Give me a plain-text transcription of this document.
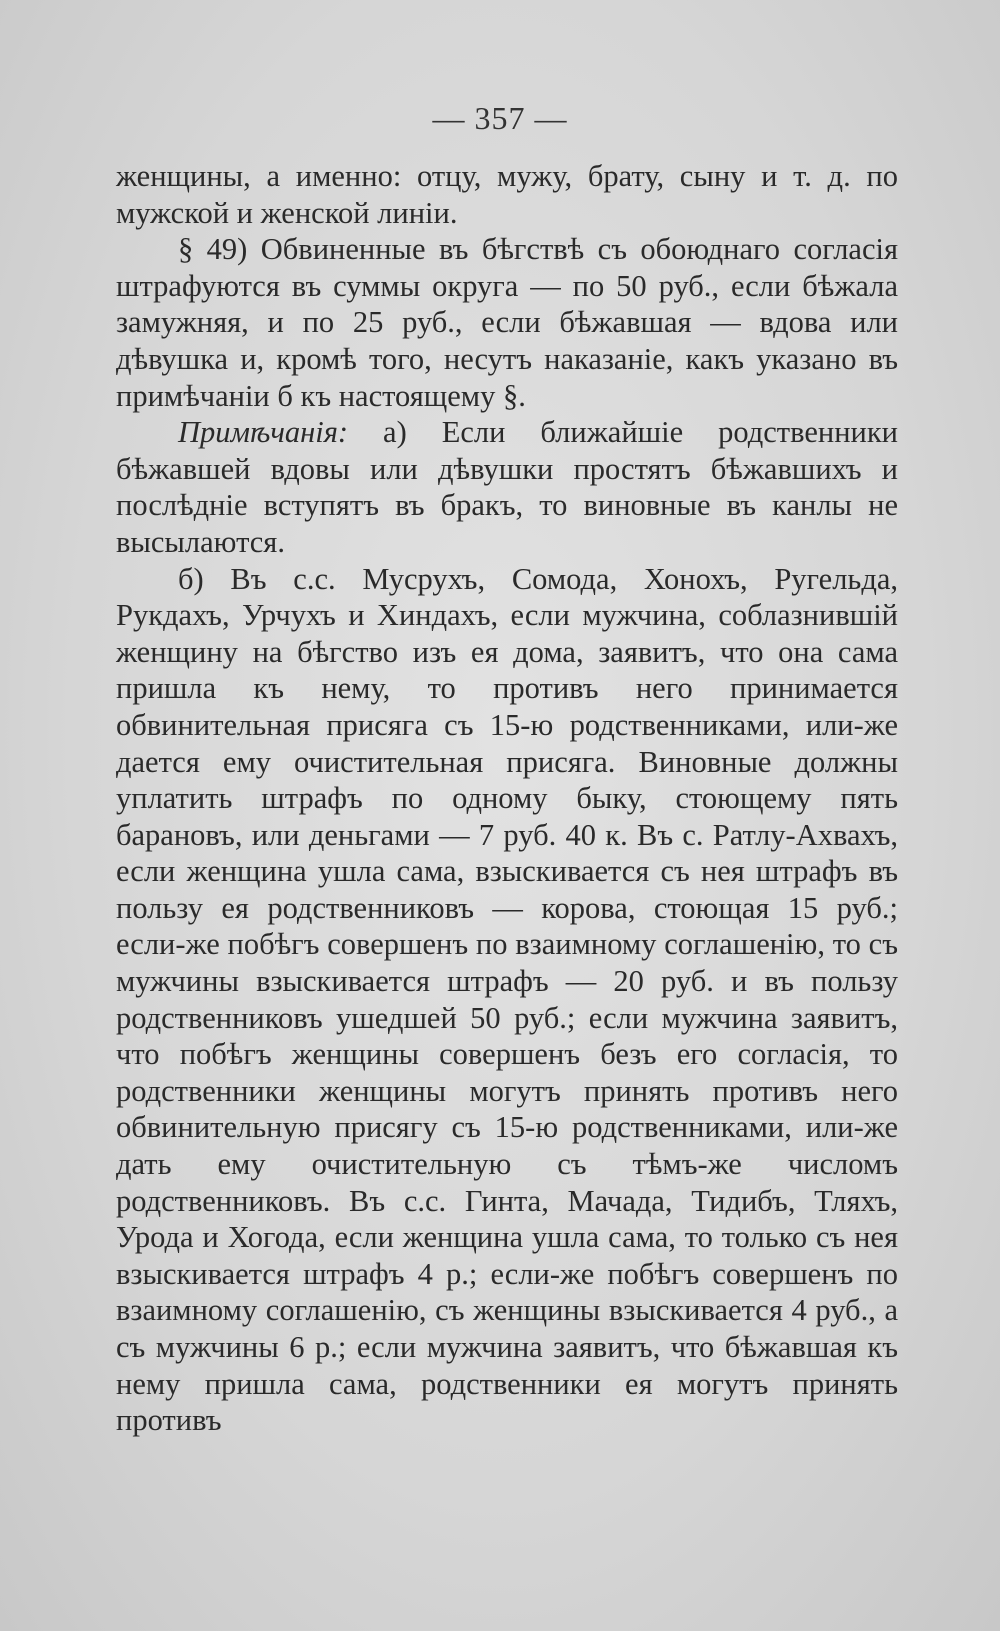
— 357 —

женщины, а именно: отцу, мужу, брату, сыну и т. д. по мужской и женской линіи.

§ 49) Обвиненные въ бѣгствѣ съ обоюднаго согласія штрафуются въ суммы округа — по 50 руб., если бѣжала замужняя, и по 25 руб., если бѣжавшая — вдова или дѣвушка и, кромѣ того, несутъ наказаніе, какъ указано въ примѣчаніи б къ настоящему §.

Примѣчанія: а) Если ближайшіе родственники бѣжавшей вдовы или дѣвушки простятъ бѣжавшихъ и послѣдніе вступятъ въ бракъ, то виновные въ канлы не высылаются.

б) Въ с.с. Мусрухъ, Сомода, Хонохъ, Ругельда, Рукдахъ, Урчухъ и Хиндахъ, если мужчина, соблазнившій женщину на бѣгство изъ ея дома, заявитъ, что она сама пришла къ нему, то противъ него принимается обвинительная присяга съ 15-ю родственниками, или-же дается ему очистительная присяга. Виновные должны уплатить штрафъ по одному быку, стоющему пять барановъ, или деньгами — 7 руб. 40 к. Въ с. Ратлу-Ахвахъ, если женщина ушла сама, взыскивается съ нея штрафъ въ пользу ея родственниковъ — корова, стоющая 15 руб.; если-же побѣгъ совершенъ по взаимному соглашенію, то съ мужчины взыскивается штрафъ — 20 руб. и въ пользу родственниковъ ушедшей 50 руб.; если мужчина заявитъ, что побѣгъ женщины совершенъ безъ его согласія, то родственники женщины могутъ принять противъ него обвинительную присягу съ 15-ю родственниками, или-же дать ему очистительную съ тѣмъ-же числомъ родственниковъ. Въ с.с. Гинта, Мачада, Тидибъ, Тляхъ, Урода и Хогода, если женщина ушла сама, то только съ нея взыскивается штрафъ 4 р.; если-же побѣгъ совершенъ по взаимному соглашенію, съ женщины взыскивается 4 руб., а съ мужчины 6 р.; если мужчина заявитъ, что бѣжавшая къ нему пришла сама, родственники ея могутъ принять противъ
